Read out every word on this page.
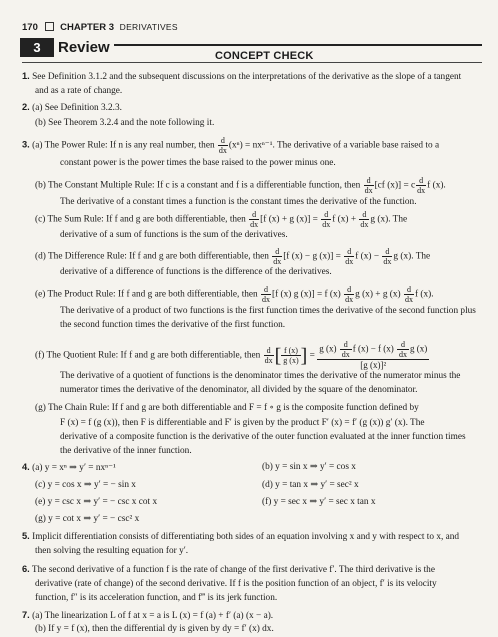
170 CHAPTER 3 DERIVATIVES
3	Review	CONCEPT CHECK
1. See Definition 3.1.2 and the subsequent discussions on the interpretations of the derivative as the slope of a tangent
and as a rate of change.
2. (a) See Definition 3.2.3.
(b) See Theorem 3.2.4 and the note following it.
3. (a) The Power Rule: If n is any real number, then $\frac{d}{dx} (x^n) = nx^{n-1}$. The derivative of a variable base raised to a
constant power is the power times the base raised to the power minus one.
(b) The Constant Multiple Rule: If c is a constant and f is a differentiable function, then $\frac{d}{dx} [cf$ (x)] = c $\frac{d}{dx}$ f (x).
The derivative of a constant times a function is the constant times the derivative of the function.
(c) The Sum Rule: If f and g are both differentiable, then $\frac{d}{dx} [f$ (x) + g $(x)] = \frac{d}{dx}$ f $(x) + \frac{d}{dx}$ g (x). The
derivative of a sum of functions is the sum of the derivatives.
(d) The Difference Rule: If f and g are both differentiable, then $\frac{d}{dx} [f$ (x) − g $(x)] = \frac{d}{dx}$ f $(x) - \frac{d}{dx}$ g (x). The
derivative of a difference of functions is the difference of the derivatives.
(e) The Product Rule: If f and g are both differentiable, then $\frac{d}{dx} [f$ (x) g (x)] = f $(x) \frac{d}{dx}$ g (x) + g $(x) \frac{d}{dx}$ f (x).
The derivative of a product of two functions is the first function times the derivative of the second function plus
the second function times the derivative of the first function.
(f) The Quotient Rule: If f and g are both differentiable, then $\frac{d}{dx}$ [ $\frac{f (x)}{g (x)}$ ] = $\frac{g (x) \frac{d}{dx} f (x) - f (x) \frac{d}{dx} g (x)}{\text{[g (x)]²}}$
The derivative of a quotient of functions is the denominator times the derivative of the numerator minus the
numerator times the derivative of the denominator, all divided by the square of the denominator.
(g) The Chain Rule: If f and g are both differentiable and F = f ∘ g is the composite function defined by
F (x) = f (g (x)), then F is differentiable and F′ is given by the product F′ (x) = f′ (g (x)) g′ (x). The
derivative of a composite function is the derivative of the outer function evaluated at the inner function times
the derivative of the inner function.
4. (a) y = xⁿ ⇒ y′ = nxⁿ⁻¹	(b) y = sin x ⇒ y′ = cos x
(c) y = cos x ⇒ y′ = − sin x	(d) y = tan x ⇒ y′ = sec² x
(e) y = csc x ⇒ y′ = − csc x cot x	(f) y = sec x ⇒ y′ = sec x tan x
(g) y = cot x ⇒ y′ = − csc² x
5. Implicit differentiation consists of differentiating both sides of an equation involving x and y with respect to x, and
then solving the resulting equation for y′.
6. The second derivative of a function f is the rate of change of the first derivative f′. The third derivative is the
derivative (rate of change) of the second derivative. If f is the position function of an object, f′ is its velocity
function, f″ is its acceleration function, and f‴ is its jerk function.
7. (a) The linearization L of f at x = a is L (x) = f (a) + f′ (a) (x − a).
(b) If y = f (x), then the differential dy is given by dy = f′ (x) dx.
